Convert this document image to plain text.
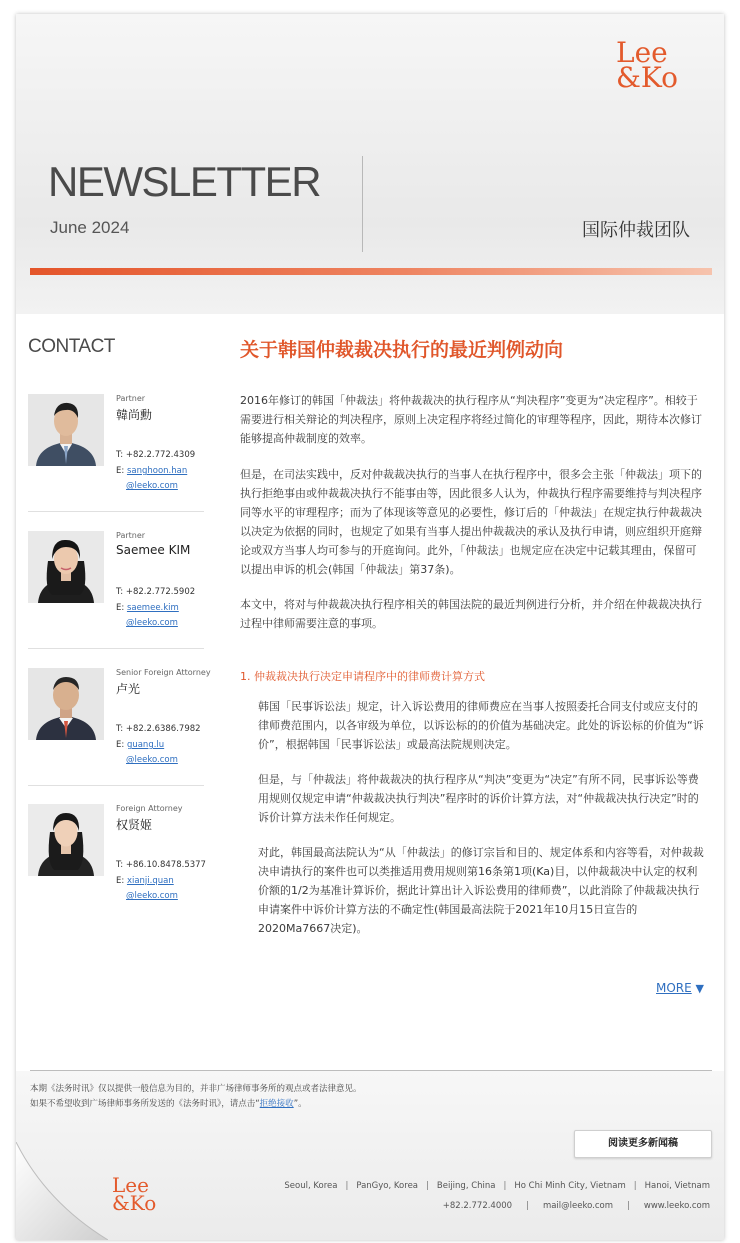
Lee
&Ko
NEWSLETTER
June 2024	国际仲裁团队
CONTACT
Partner
韓尚勳
T: +82.2.772.4309
E: sanghoon.han
@leeko.com
Partner
Saemee KIM
T: +82.2.772.5902
E: saemee.kim
@leeko.com
Senior Foreign Attorney
卢光
T: +82.2.6386.7982
E: guang.lu
@leeko.com
Foreign Attorney
权贤姬
T: +86.10.8478.5377
E: xianji.quan
@leeko.com
关于韩国仲裁裁决执行的最近判例动向

2016年修订的韩国「仲裁法」将仲裁裁决的执行程序从“判决程序”变更为“决定程序”。相较于需要进行相关辩论的判决程序，原则上决定程序将经过简化的审理等程序，因此，期待本次修订能够提高仲裁制度的效率。

但是，在司法实践中，反对仲裁裁决执行的当事人在执行程序中，很多会主张「仲裁法」项下的执行拒绝事由或仲裁裁决执行不能事由等，因此很多人认为，仲裁执行程序需要维持与判决程序同等水平的审理程序；而为了体现该等意见的必要性，修订后的「仲裁法」在规定执行仲裁裁决以决定为依据的同时，也规定了如果有当事人提出仲裁裁决的承认及执行申请，则应组织开庭辩论或双方当事人均可参与的开庭询问。此外，「仲裁法」也规定应在决定中记载其理由，保留可以提出申诉的机会(韩国「仲裁法」第37条)。

本文中，将对与仲裁裁决执行程序相关的韩国法院的最近判例进行分析，并介绍在仲裁裁决执行过程中律师需要注意的事项。

1. 仲裁裁决执行决定申请程序中的律师费计算方式

韩国「民事诉讼法」规定，计入诉讼费用的律师费应在当事人按照委托合同支付或应支付的律师费范围内，以各审级为单位，以诉讼标的的价值为基础决定。此处的诉讼标的价值为“诉价”，根据韩国「民事诉讼法」或最高法院规则决定。

但是，与「仲裁法」将仲裁裁决的执行程序从“判决”变更为“决定”有所不同，民事诉讼等费用规则仅规定申请“仲裁裁决执行判决”程序时的诉价计算方法，对“仲裁裁决执行决定”时的诉价计算方法未作任何规定。

对此，韩国最高法院认为“从「仲裁法」的修订宗旨和目的、规定体系和内容等看，对仲裁裁决申请执行的案件也可以类推适用费用规则第16条第1项(Ka)目，以仲裁裁决中认定的权利价额的1/2为基准计算诉价，据此计算出计入诉讼费用的律师费”，以此消除了仲裁裁决执行申请案件中诉价计算方法的不确定性(韩国最高法院于2021年10月15日宣告的2020Ma7667决定)。

MORE ▼
本期《法务时讯》仅以提供一般信息为目的，并非广场律师事务所的观点或者法律意见。
如果不希望收到广场律师事务所发送的《法务时讯》，请点击“拒绝接收”。
阅读更多新闻稿
Lee
&Ko
Seoul, Korea | PanGyo, Korea | Beijing, China | Ho Chi Minh City, Vietnam | Hanoi, Vietnam
+82.2.772.4000 | mail@leeko.com | www.leeko.com
